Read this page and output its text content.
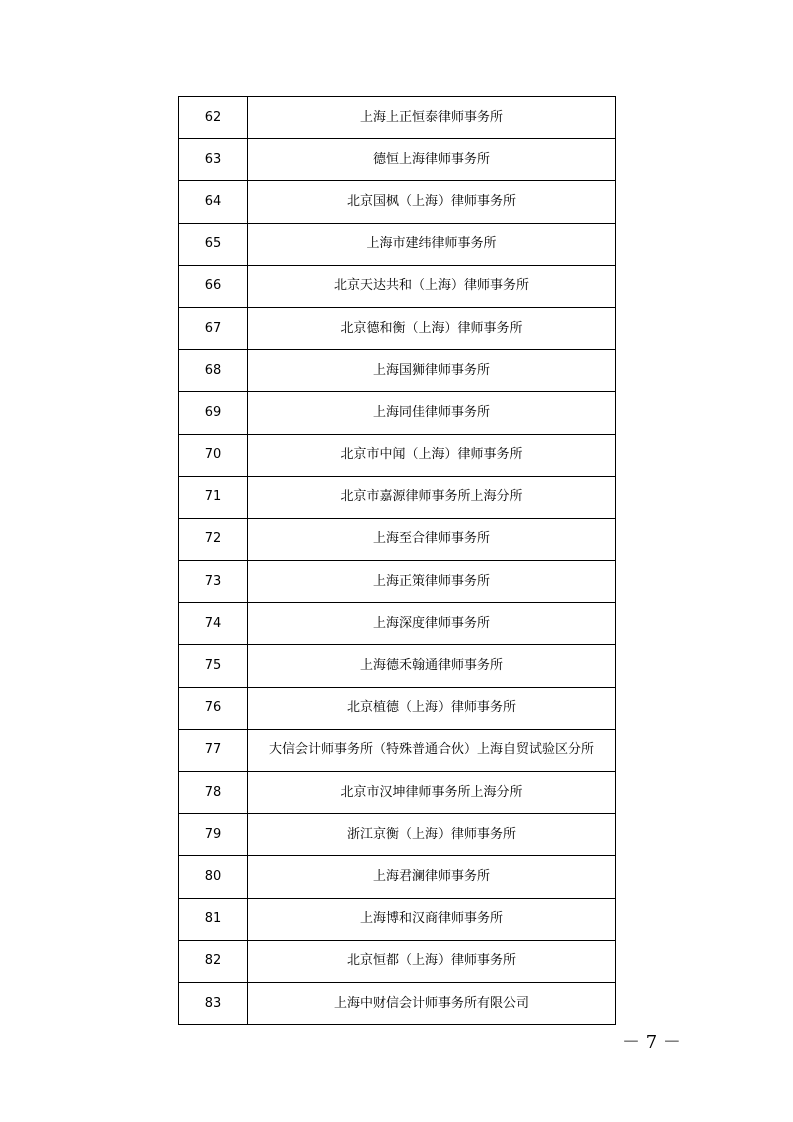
62	上海上正恒泰律师事务所
63	德恒上海律师事务所
64	北京国枫（上海）律师事务所
65	上海市建纬律师事务所
66	北京天达共和（上海）律师事务所
67	北京德和衡（上海）律师事务所
68	上海国狮律师事务所
69	上海同佳律师事务所
70	北京市中闻（上海）律师事务所
71	北京市嘉源律师事务所上海分所
72	上海至合律师事务所
73	上海正策律师事务所
74	上海深度律师事务所
75	上海德禾翰通律师事务所
76	北京植德（上海）律师事务所
77	大信会计师事务所（特殊普通合伙）上海自贸试验区分所
78	北京市汉坤律师事务所上海分所
79	浙江京衡（上海）律师事务所
80	上海君澜律师事务所
81	上海博和汉商律师事务所
82	北京恒都（上海）律师事务所
83	上海中财信会计师事务所有限公司
－ 7 －
